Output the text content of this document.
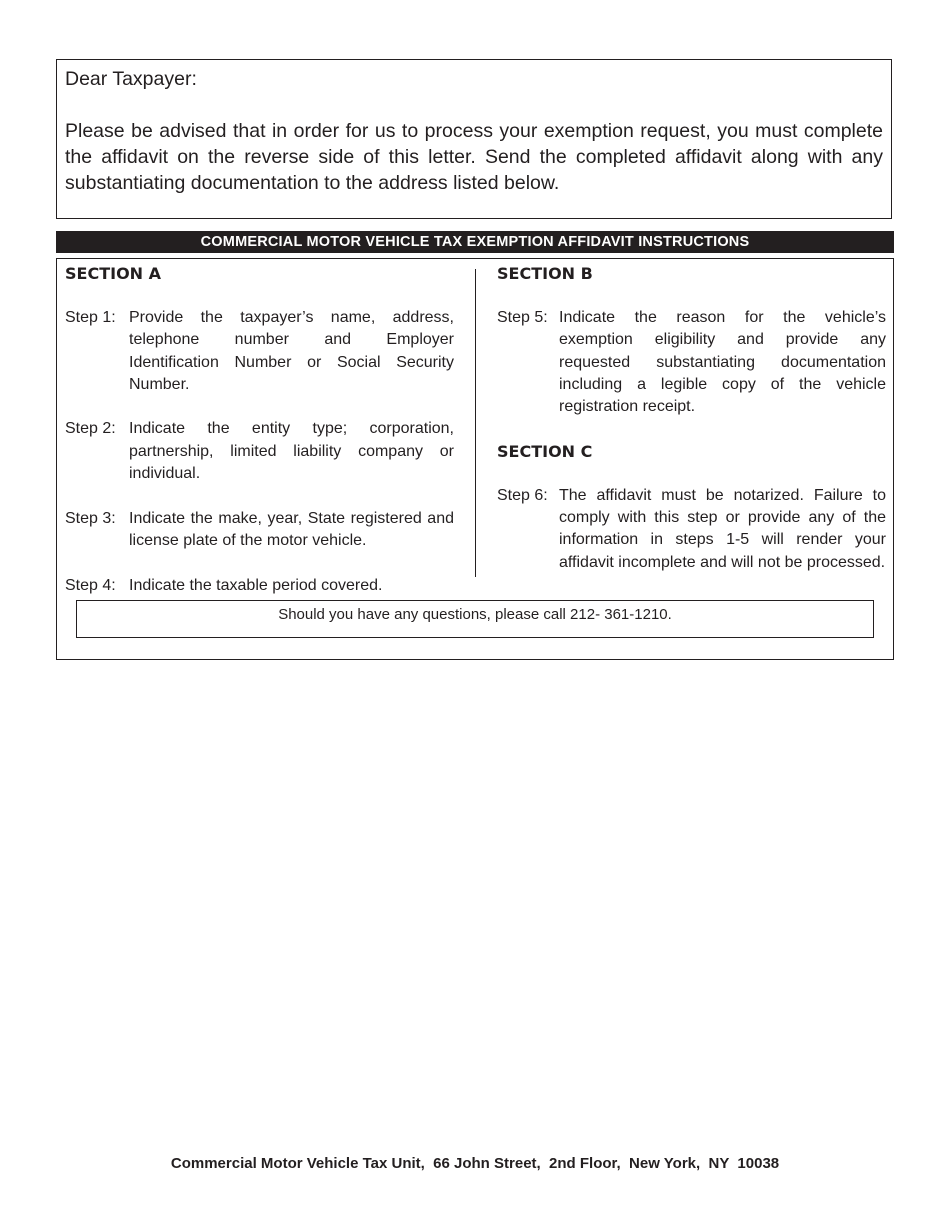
Dear Taxpayer:

Please be advised that in order for us to process your exemption request, you must complete the affidavit on the reverse side of this letter. Send the completed affidavit along with any substantiating documentation to the address listed below.

COMMERCIAL MOTOR VEHICLE TAX EXEMPTION AFFIDAVIT INSTRUCTIONS
SECTION A
Step 1: Provide the taxpayer’s name, address, telephone number and Employer Identification Number or Social Security Number.
Step 2: Indicate the entity type; corporation, partnership, limited liability company or individual.
Step 3: Indicate the make, year, State registered and license plate of the motor vehicle.
Step 4: Indicate the taxable period covered.
SECTION B
Step 5: Indicate the reason for the vehicle’s exemption eligibility and provide any requested substantiating documentation including a legible copy of the vehicle registration receipt.
SECTION C
Step 6: The affidavit must be notarized. Failure to comply with this step or provide any of the information in steps 1-5 will render your affidavit incomplete and will not be processed.
Should you have any questions, please call 212- 361-1210.
Commercial Motor Vehicle Tax Unit,  66 John Street,  2nd Floor,  New York,  NY  10038
